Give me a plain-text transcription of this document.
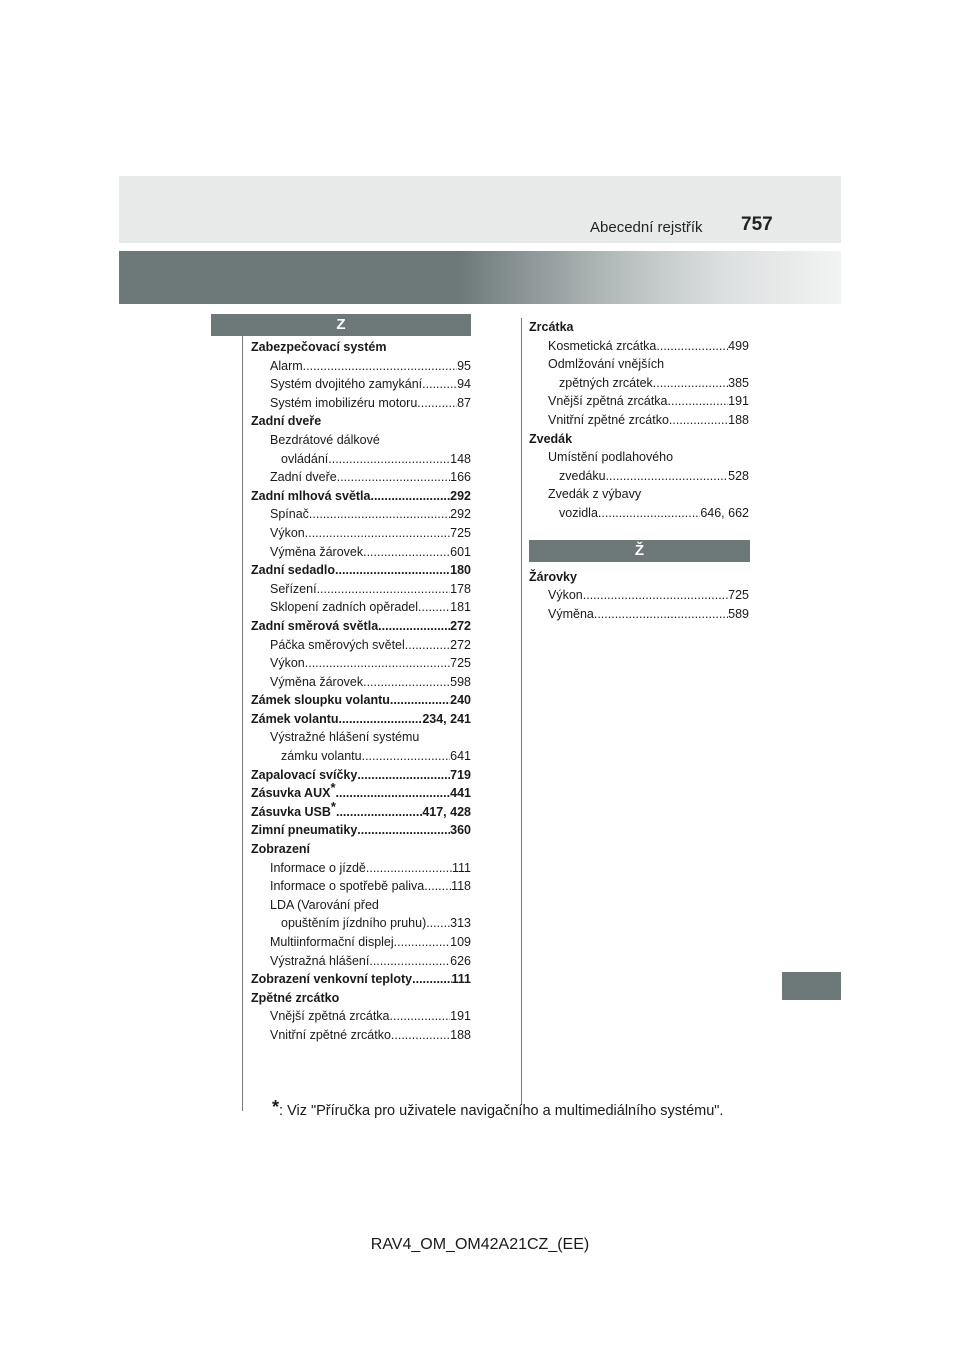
Abecední rejstřík 757
Z
Zabezpečovací systém
Alarm .....	95
Systém dvojitého zamykání .....	94
Systém imobilizéru motoru .....	87
Zadní dveře
Bezdrátové dálkové
ovládání .....	148
Zadní dveře .....	166
Zadní mlhová světla .....	292
Spínač .....	292
Výkon .....	725
Výměna žárovek .....	601
Zadní sedadlo .....	180
Seřízení .....	178
Sklopení zadních opěradel .....	181
Zadní směrová světla .....	272
Páčka směrových světel .....	272
Výkon .....	725
Výměna žárovek .....	598
Zámek sloupku volantu .....	240
Zámek volantu .....	234, 241
Výstražné hlášení systému
zámku volantu .....	641
Zapalovací svíčky .....	719
Zásuvka AUX* .....	441
Zásuvka USB* .....	417, 428
Zimní pneumatiky .....	360
Zobrazení
Informace o jízdě .....	111
Informace o spotřebě paliva ..... 118
LDA (Varování před
opuštěním jízdního pruhu) ..... 313
Multiinformační displej .....	109
Výstražná hlášení .....	626
Zobrazení venkovní teploty .....	111
Zpětné zrcátko
Vnější zpětná zrcátka .....	191
Vnitřní zpětné zrcátko .....	188
Zrcátka
Kosmetická zrcátka .....	499
Odmlžování vnějších
zpětných zrcátek .....	385
Vnější zpětná zrcátka .....	191
Vnitřní zpětné zrcátko .....	188
Zvedák
Umístění podlahového
zvedáku .....	528
Zvedák z výbavy
vozidla .....	646, 662
Ž
Žárovky
Výkon .....	725
Výměna .....	589
*: Viz "Příručka pro uživatele navigačního a multimediálního systému".
RAV4_OM_OM42A21CZ_(EE)
